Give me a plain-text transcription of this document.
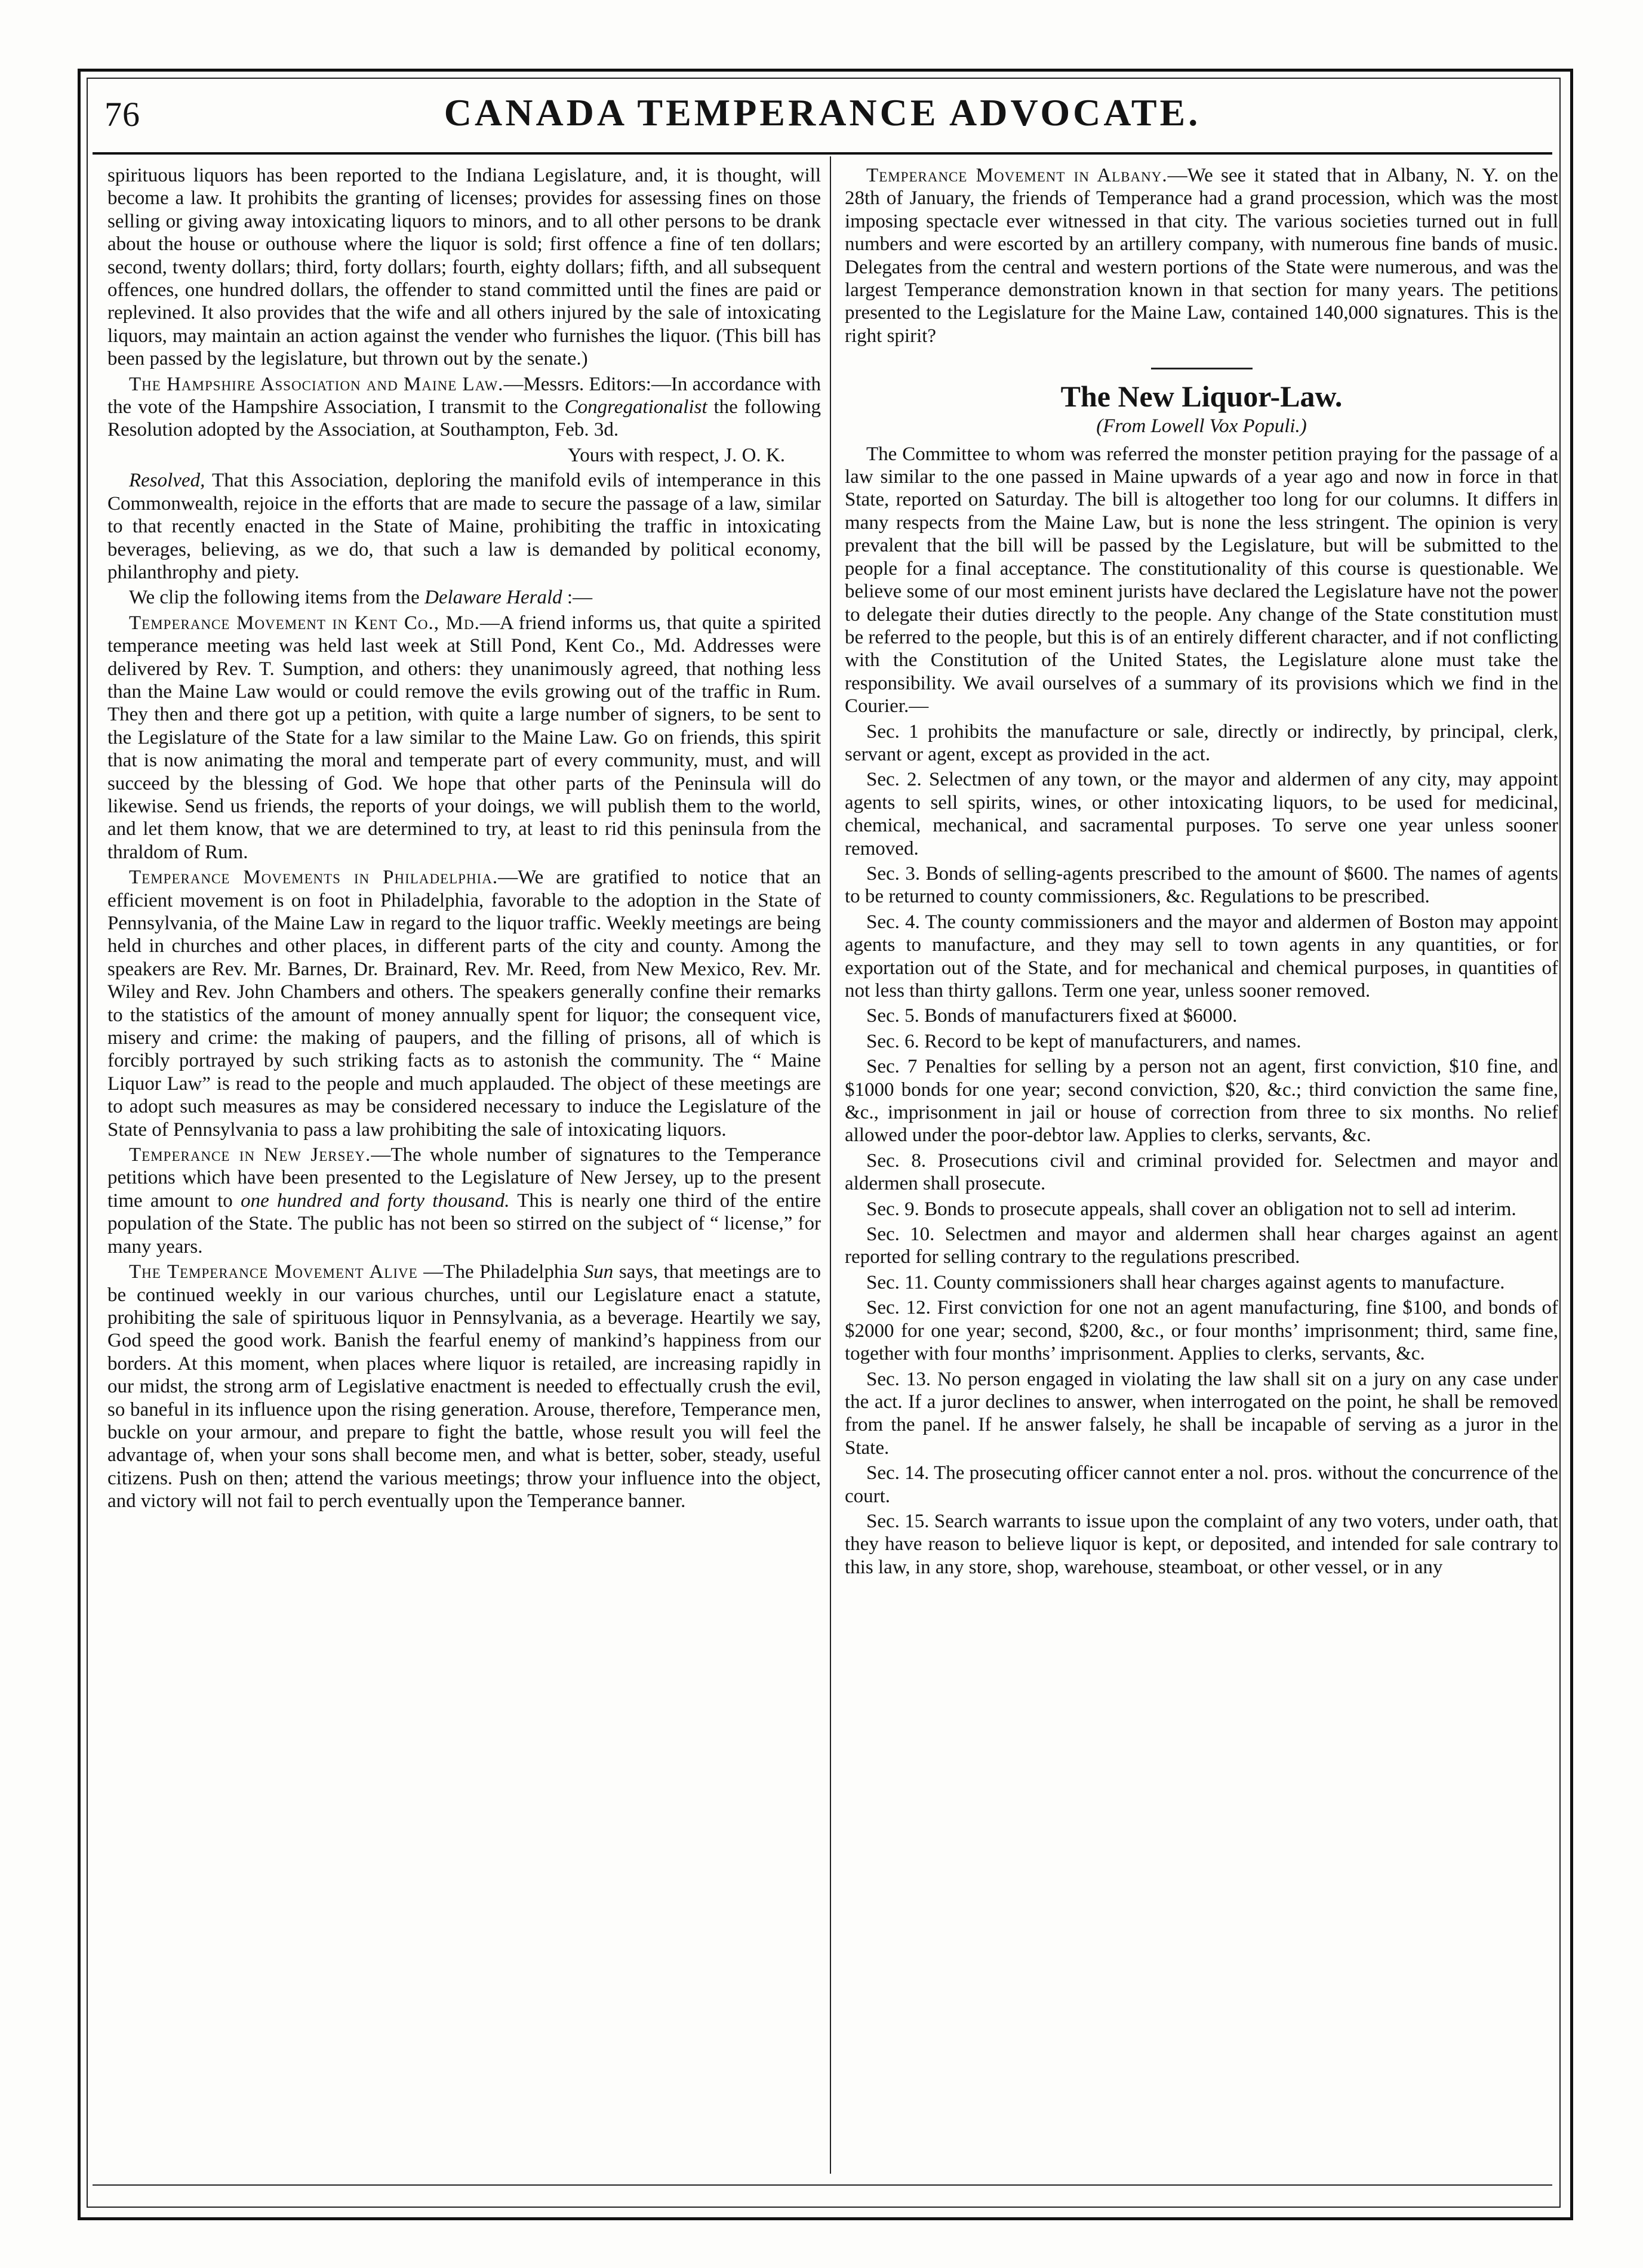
76	CANADA TEMPERANCE ADVOCATE.

spirituous liquors has been reported to the Indiana Legislature, and, it is thought, will become a law. It prohibits the granting of licenses; provides for assessing fines on those selling or giving away intoxicating liquors to minors, and to all other persons to be drank about the house or outhouse where the liquor is sold; first offence a fine of ten dollars; second, twenty dollars; third, forty dollars; fourth, eighty dollars; fifth, and all subsequent offences, one hundred dollars, the offender to stand committed until the fines are paid or replevined. It also provides that the wife and all others injured by the sale of intoxicating liquors, may maintain an action against the vender who furnishes the liquor. (This bill has been passed by the legislature, but thrown out by the senate.)

The Hampshire Association and Maine Law.—Messrs. Editors:—In accordance with the vote of the Hampshire Association, I transmit to the Congregationalist the following Resolution adopted by the Association, at Southampton, Feb. 3d.

Yours with respect, J. O. K.

Resolved, That this Association, deploring the manifold evils of intemperance in this Commonwealth, rejoice in the efforts that are made to secure the passage of a law, similar to that recently enacted in the State of Maine, prohibiting the traffic in intoxicating beverages, believing, as we do, that such a law is demanded by political economy, philanthrophy and piety.

We clip the following items from the Delaware Herald :—

Temperance Movement in Kent Co., Md.—A friend informs us, that quite a spirited temperance meeting was held last week at Still Pond, Kent Co., Md. Addresses were delivered by Rev. T. Sumption, and others: they unanimously agreed, that nothing less than the Maine Law would or could remove the evils growing out of the traffic in Rum. They then and there got up a petition, with quite a large number of signers, to be sent to the Legislature of the State for a law similar to the Maine Law. Go on friends, this spirit that is now animating the moral and temperate part of every community, must, and will succeed by the blessing of God. We hope that other parts of the Peninsula will do likewise. Send us friends, the reports of your doings, we will publish them to the world, and let them know, that we are determined to try, at least to rid this peninsula from the thraldom of Rum.

Temperance Movements in Philadelphia.—We are gratified to notice that an efficient movement is on foot in Philadelphia, favorable to the adoption in the State of Pennsylvania, of the Maine Law in regard to the liquor traffic. Weekly meetings are being held in churches and other places, in different parts of the city and county. Among the speakers are Rev. Mr. Barnes, Dr. Brainard, Rev. Mr. Reed, from New Mexico, Rev. Mr. Wiley and Rev. John Chambers and others. The speakers generally confine their remarks to the statistics of the amount of money annually spent for liquor; the consequent vice, misery and crime: the making of paupers, and the filling of prisons, all of which is forcibly portrayed by such striking facts as to astonish the community. The “ Maine Liquor Law” is read to the people and much applauded. The object of these meetings are to adopt such measures as may be considered necessary to induce the Legislature of the State of Pennsylvania to pass a law prohibiting the sale of intoxicating liquors.

Temperance in New Jersey.—The whole number of signatures to the Temperance petitions which have been presented to the Legislature of New Jersey, up to the present time amount to one hundred and forty thousand. This is nearly one third of the entire population of the State. The public has not been so stirred on the subject of “ license,” for many years.

The Temperance Movement Alive —The Philadelphia Sun says, that meetings are to be continued weekly in our various churches, until our Legislature enact a statute, prohibiting the sale of spirituous liquor in Pennsylvania, as a beverage. Heartily we say, God speed the good work. Banish the fearful enemy of mankind’s happiness from our borders. At this moment, when places where liquor is retailed, are increasing rapidly in our midst, the strong arm of Legislative enactment is needed to effectually crush the evil, so baneful in its influence upon the rising generation. Arouse, therefore, Temperance men, buckle on your armour, and prepare to fight the battle, whose result you will feel the advantage of, when your sons shall become men, and what is better, sober, steady, useful citizens. Push on then; attend the various meetings; throw your influence into the object, and victory will not fail to perch eventually upon the Temperance banner.

Temperance Movement in Albany.—We see it stated that in Albany, N. Y. on the 28th of January, the friends of Temperance had a grand procession, which was the most imposing spectacle ever witnessed in that city. The various societies turned out in full numbers and were escorted by an artillery company, with numerous fine bands of music. Delegates from the central and western portions of the State were numerous, and was the largest Temperance demonstration known in that section for many years. The petitions presented to the Legislature for the Maine Law, contained 140,000 signatures. This is the right spirit?

The New Liquor-Law.
(From Lowell Vox Populi.)

The Committee to whom was referred the monster petition praying for the passage of a law similar to the one passed in Maine upwards of a year ago and now in force in that State, reported on Saturday. The bill is altogether too long for our columns. It differs in many respects from the Maine Law, but is none the less stringent. The opinion is very prevalent that the bill will be passed by the Legislature, but will be submitted to the people for a final acceptance. The constitutionality of this course is questionable. We believe some of our most eminent jurists have declared the Legislature have not the power to delegate their duties directly to the people. Any change of the State constitution must be referred to the people, but this is of an entirely different character, and if not conflicting with the Constitution of the United States, the Legislature alone must take the responsibility. We avail ourselves of a summary of its provisions which we find in the Courier.—

Sec. 1 prohibits the manufacture or sale, directly or indirectly, by principal, clerk, servant or agent, except as provided in the act.

Sec. 2. Selectmen of any town, or the mayor and aldermen of any city, may appoint agents to sell spirits, wines, or other intoxicating liquors, to be used for medicinal, chemical, mechanical, and sacramental purposes. To serve one year unless sooner removed.

Sec. 3. Bonds of selling-agents prescribed to the amount of $600. The names of agents to be returned to county commissioners, &c. Regulations to be prescribed.

Sec. 4. The county commissioners and the mayor and aldermen of Boston may appoint agents to manufacture, and they may sell to town agents in any quantities, or for exportation out of the State, and for mechanical and chemical purposes, in quantities of not less than thirty gallons. Term one year, unless sooner removed.

Sec. 5. Bonds of manufacturers fixed at $6000.

Sec. 6. Record to be kept of manufacturers, and names.

Sec. 7 Penalties for selling by a person not an agent, first conviction, $10 fine, and $1000 bonds for one year; second conviction, $20, &c.; third conviction the same fine, &c., imprisonment in jail or house of correction from three to six months. No relief allowed under the poor-debtor law. Applies to clerks, servants, &c.

Sec. 8. Prosecutions civil and criminal provided for. Selectmen and mayor and aldermen shall prosecute.

Sec. 9. Bonds to prosecute appeals, shall cover an obligation not to sell ad interim.

Sec. 10. Selectmen and mayor and aldermen shall hear charges against an agent reported for selling contrary to the regulations prescribed.

Sec. 11. County commissioners shall hear charges against agents to manufacture.

Sec. 12. First conviction for one not an agent manufacturing, fine $100, and bonds of $2000 for one year; second, $200, &c., or four months’ imprisonment; third, same fine, together with four months’ imprisonment. Applies to clerks, servants, &c.

Sec. 13. No person engaged in violating the law shall sit on a jury on any case under the act. If a juror declines to answer, when interrogated on the point, he shall be removed from the panel. If he answer falsely, he shall be incapable of serving as a juror in the State.

Sec. 14. The prosecuting officer cannot enter a nol. pros. without the concurrence of the court.

Sec. 15. Search warrants to issue upon the complaint of any two voters, under oath, that they have reason to believe liquor is kept, or deposited, and intended for sale contrary to this law, in any store, shop, warehouse, steamboat, or other vessel, or in any
